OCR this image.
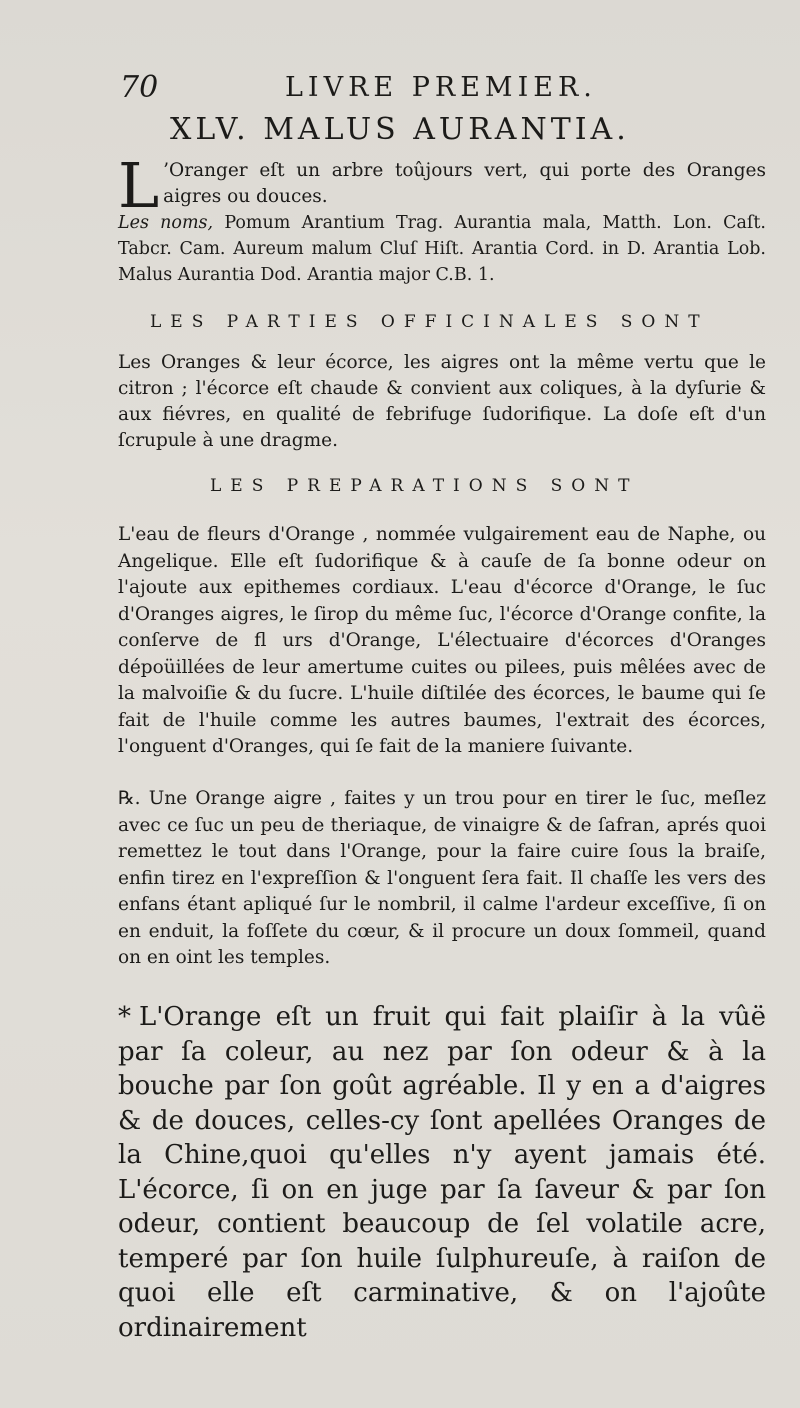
70	LIVRE PREMIER.
XLV. MALUS AURANTIA.
L ’Oranger eſt un arbre toûjours vert, qui porte des Oranges aigres ou douces.
Les noms, Pomum Arantium Trag. Aurantia mala, Matth. Lon. Caſt. Tabcr. Cam. Aureum malum Cluſ Hiſt. Arantia Cord. in D. Arantia Lob. Malus Aurantia Dod. Arantia major C.B. 1.
LES PARTIES OFFICINALES SONT
Les Oranges & leur écorce, les aigres ont la même vertu que le citron ; l'écorce eſt chaude & convient aux coliques, à la dyſurie & aux fiévres, en qualité de febrifuge ſudorifique. La doſe eſt d'un ſcrupule à une dragme.
LES PREPARATIONS SONT
L'eau de fleurs d'Orange , nommée vulgairement eau de Naphe, ou Angelique. Elle eſt ſudorifique & à cauſe de ſa bonne odeur on l'ajoute aux epithemes cordiaux. L'eau d'écorce d'Orange, le ſuc d'Oranges aigres, le ſirop du même ſuc, l'écorce d'Orange confite, la conſerve de fl urs d'Orange, L'électuaire d'écorces d'Oranges dépoüillées de leur amertume cuites ou pilees, puis mêlées avec de la malvoiſie & du ſucre. L'huile diſtilée des écorces, le baume qui ſe fait de l'huile comme les autres baumes, l'extrait des écorces, l'onguent d'Oranges, qui ſe fait de la maniere ſuivante.
℞. Une Orange aigre , faites y un trou pour en tirer le ſuc, meſlez avec ce ſuc un peu de theriaque, de vinaigre & de ſafran, aprés quoi remettez le tout dans l'Orange, pour la faire cuire ſous la braiſe, enfin tirez en l'expreſſion & l'onguent ſera fait. Il chaſſe les vers des enfans étant apliqué ſur le nombril, il calme l'ardeur exceſſive, ſi on en enduit, la foſſete du cœur, & il procure un doux ſommeil, quand on en oint les temples.
* L'Orange eſt un fruit qui fait plaiſir à la vûë par ſa coleur, au nez par ſon odeur & à la bouche par ſon goût agréable. Il y en a d'aigres & de douces, celles-cy ſont apellées Oranges de la Chine,quoi qu'elles n'y ayent jamais été. L'écorce, ſi on en juge par ſa ſaveur & par ſon odeur, contient beaucoup de ſel volatile acre, temperé par ſon huile ſulphureuſe, à raiſon de quoi elle eſt carminative, & on l'ajoûte ordinairement
